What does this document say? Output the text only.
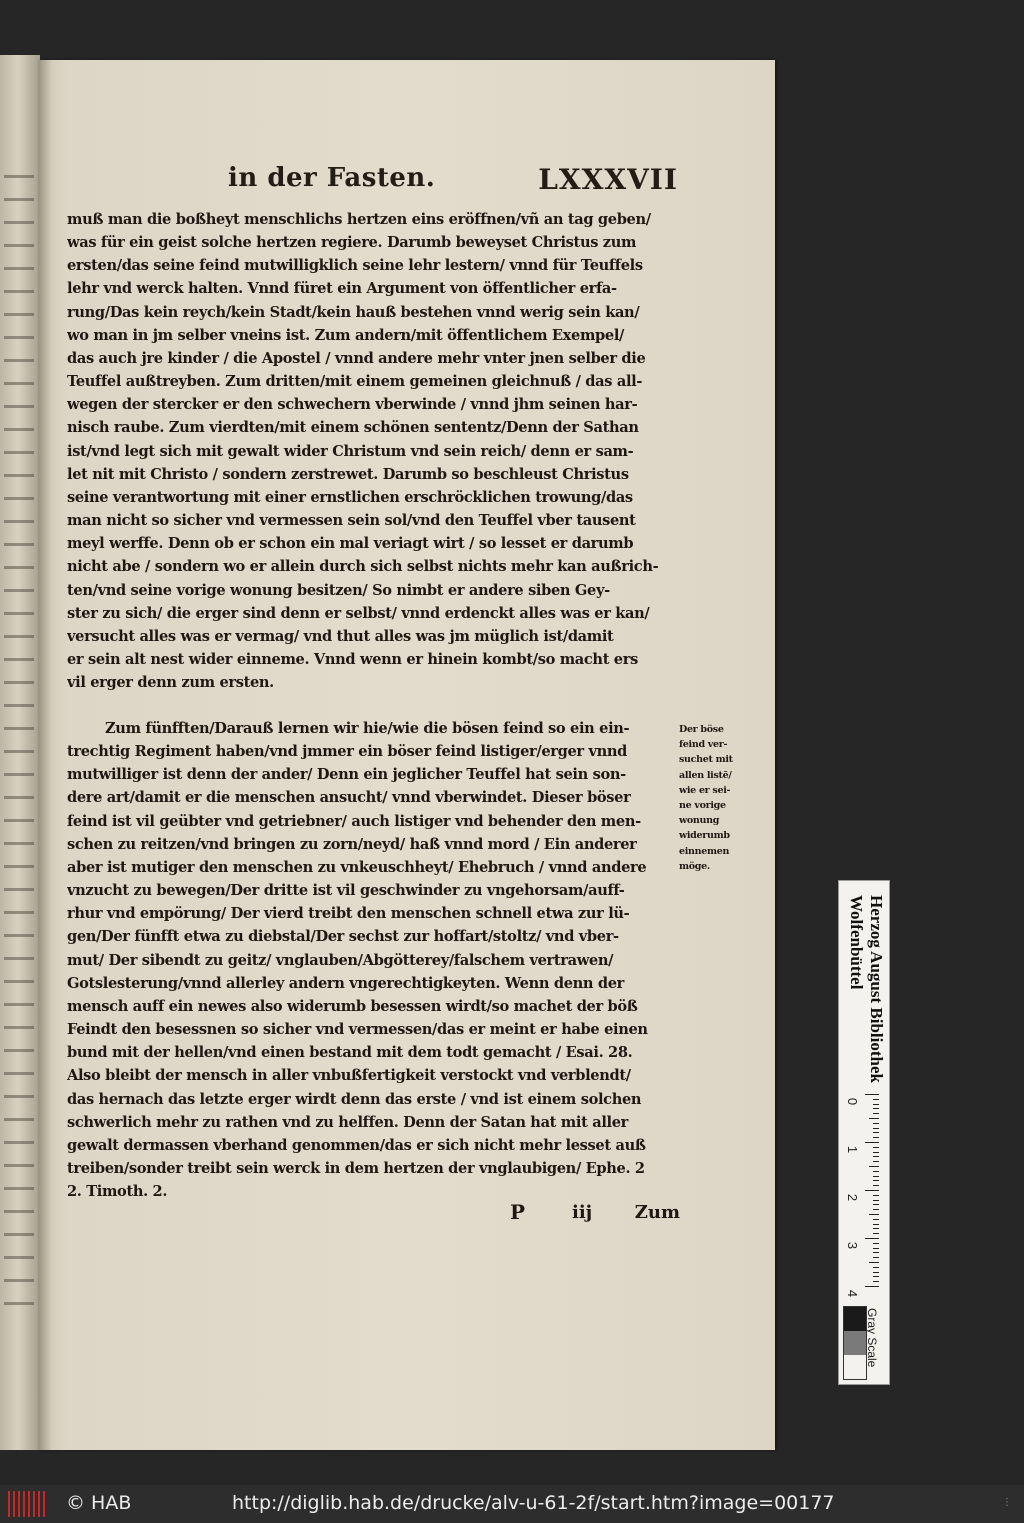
in der Fasten.	LXXXVII
muß man die boßheyt menschlichs hertzen eins eröffnen/vñ an tag geben/
was für ein geist solche hertzen regiere. Darumb beweyset Christus zum
ersten/das seine feind mutwilligklich seine lehr lestern/ vnnd für Teuffels
lehr vnd werck halten. Vnnd füret ein Argument von öffentlicher erfa-
rung/Das kein reych/kein Stadt/kein hauß bestehen vnnd werig sein kan/
wo man in jm selber vneins ist. Zum andern/mit öffentlichem Exempel/
das auch jre kinder / die Apostel / vnnd andere mehr vnter jnen selber die
Teuffel außtreyben. Zum dritten/mit einem gemeinen gleichnuß / das all-
wegen der stercker er den schwechern vberwinde / vnnd jhm seinen har-
nisch raube. Zum vierdten/mit einem schönen sententz/Denn der Sathan
ist/vnd legt sich mit gewalt wider Christum vnd sein reich/ denn er sam-
let nit mit Christo / sondern zerstrewet. Darumb so beschleust Christus
seine verantwortung mit einer ernstlichen erschröcklichen trowung/das
man nicht so sicher vnd vermessen sein sol/vnd den Teuffel vber tausent
meyl werffe. Denn ob er schon ein mal veriagt wirt / so lesset er darumb
nicht abe / sondern wo er allein durch sich selbst nichts mehr kan außrich-
ten/vnd seine vorige wonung besitzen/ So nimbt er andere siben Gey-
ster zu sich/ die erger sind denn er selbst/ vnnd erdenckt alles was er kan/
versucht alles was er vermag/ vnd thut alles was jm müglich ist/damit
er sein alt nest wider einneme. Vnnd wenn er hinein kombt/so macht ers
vil erger denn zum ersten.
Zum fünfften/Darauß lernen wir hie/wie die bösen feind so ein ein-
trechtig Regiment haben/vnd jmmer ein böser feind listiger/erger vnnd
mutwilliger ist denn der ander/ Denn ein jeglicher Teuffel hat sein son-
dere art/damit er die menschen ansucht/ vnnd vberwindet. Dieser böser
feind ist vil geübter vnd getriebner/ auch listiger vnd behender den men-
schen zu reitzen/vnd bringen zu zorn/neyd/ haß vnnd mord / Ein anderer
aber ist mutiger den menschen zu vnkeuschheyt/ Ehebruch / vnnd andere
vnzucht zu bewegen/Der dritte ist vil geschwinder zu vngehorsam/auff-
rhur vnd empörung/ Der vierd treibt den menschen schnell etwa zur lü-
gen/Der fünfft etwa zu diebstal/Der sechst zur hoffart/stoltz/ vnd vber-
mut/ Der sibendt zu geitz/ vnglauben/Abgötterey/falschem vertrawen/
Gotslesterung/vnnd allerley andern vngerechtigkeyten. Wenn denn der
mensch auff ein newes also widerumb besessen wirdt/so machet der böß
Feindt den besessnen so sicher vnd vermessen/das er meint er habe einen
bund mit der hellen/vnd einen bestand mit dem todt gemacht / Esai. 28.
Also bleibt der mensch in aller vnbußfertigkeit verstockt vnd verblendt/
das hernach das letzte erger wirdt denn das erste / vnd ist einem solchen
schwerlich mehr zu rathen vnd zu helffen. Denn der Satan hat mit aller
gewalt dermassen vberhand genommen/das er sich nicht mehr lesset auß
treiben/sonder treibt sein werck in dem hertzen der vnglaubigen/ Ephe. 2
2. Timoth. 2.
Der böse
feind ver-
suchet mit
allen listē/
wie er sei-
ne vorige
wonung
widerumb
einnemen
möge.
P	iij Zum
Herzog August Bibliothek
Wolfenbüttel
0
1
2
3
4
Gray Scale
© HAB	http://diglib.hab.de/drucke/alv-u-61-2f/start.htm?image=00177	⋮
